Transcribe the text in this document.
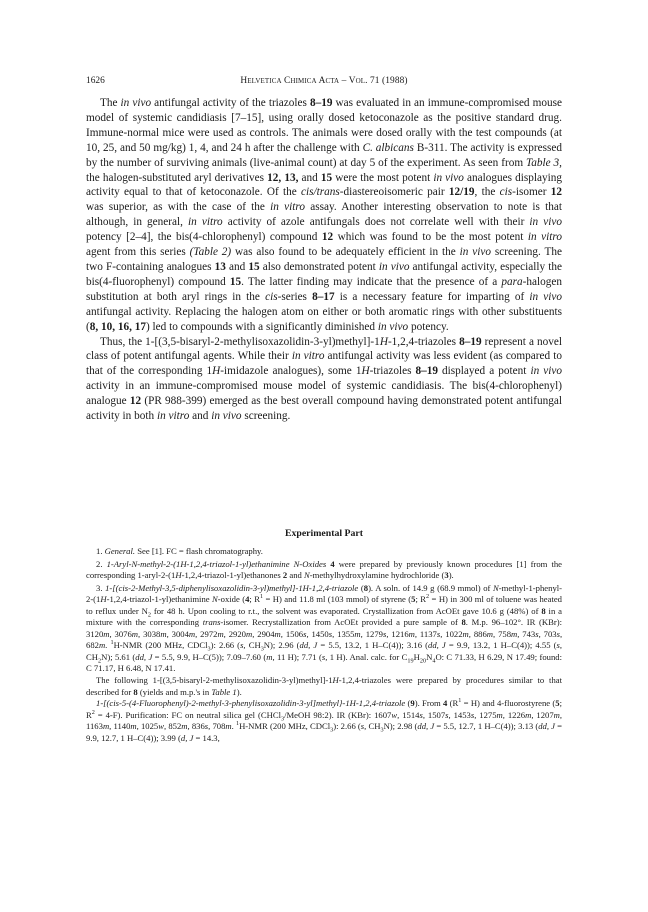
1626	Helvetica Chimica Acta – Vol. 71 (1988)

The in vivo antifungal activity of the triazoles 8–19 was evaluated in an immune-compromised mouse model of systemic candidiasis [7–15], using orally dosed ketoconazole as the positive standard drug. Immune-normal mice were used as controls. The animals were dosed orally with the test compounds (at 10, 25, and 50 mg/kg) 1, 4, and 24 h after the challenge with C. albicans B-311. The activity is expressed by the number of surviving animals (live-animal count) at day 5 of the experiment. As seen from Table 3, the halogen-substituted aryl derivatives 12, 13, and 15 were the most potent in vivo analogues displaying activity equal to that of ketoconazole. Of the cis/trans-diastereoisomeric pair 12/19, the cis-isomer 12 was superior, as with the case of the in vitro assay. Another interesting observation to note is that although, in general, in vitro activity of azole antifungals does not correlate well with their in vivo potency [2–4], the bis(4-chlorophenyl) compound 12 which was found to be the most potent in vitro agent from this series (Table 2) was also found to be adequately efficient in the in vivo screening. The two F-containing analogues 13 and 15 also demonstrated potent in vivo antifungal activity, especially the bis(4-fluorophenyl) compound 15. The latter finding may indicate that the presence of a para-halogen substitution at both aryl rings in the cis-series 8–17 is a necessary feature for imparting of in vivo antifungal activity. Replacing the halogen atom on either or both aromatic rings with other substituents (8, 10, 16, 17) led to compounds with a significantly diminished in vivo potency.

Thus, the 1-[(3,5-bisaryl-2-methylisoxazolidin-3-yl)methyl]-1H-1,2,4-triazoles 8–19 represent a novel class of potent antifungal agents. While their in vitro antifungal activity was less evident (as compared to that of the corresponding 1H-imidazole analogues), some 1H-triazoles 8–19 displayed a potent in vivo activity in an immune-compromised mouse model of systemic candidiasis. The bis(4-chlorophenyl) analogue 12 (PR 988-399) emerged as the best overall compound having demonstrated potent antifungal activity in both in vitro and in vivo screening.

Experimental Part

1. General. See [1]. FC = flash chromatography.

2. 1-Aryl-N-methyl-2-(1H-1,2,4-triazol-1-yl)ethanimine N-Oxides 4 were prepared by previously known procedures [1] from the corresponding 1-aryl-2-(1H-1,2,4-triazol-1-yl)ethanones 2 and N-methylhydroxylamine hydrochloride (3).

3. 1-[(cis-2-Methyl-3,5-diphenylisoxazolidin-3-yl)methyl]-1H-1,2,4-triazole (8). A soln. of 14.9 g (68.9 mmol) of N-methyl-1-phenyl-2-(1H-1,2,4-triazol-1-yl)ethanimine N-oxide (4; $R^1 = H$) and 11.8 ml (103 mmol) of styrene (5; $R^2 = H$) in 300 ml of toluene was heated to reflux under $N_2$ for 48 h. Upon cooling to r.t., the solvent was evaporated. Crystallization from AcOEt gave 10.6 g (48%) of 8 in a mixture with the corresponding trans-isomer. Recrystallization from AcOEt provided a pure sample of 8. M.p. 96–102°. IR (KBr): 3120m, 3076m, 3038m, 3004m, 2972m, 2920m, 2904m, 1506s, 1450s, 1355m, 1279s, 1216m, 1137s, 1022m, 886m, 758m, 743s, 703s, 682m. $^1$H-NMR (200 MHz, CDCl$_3$): 2.66 (s, $CH_3N$); 2.96 (dd, J = 5.5, 13.2, 1 H–C(4)); 3.16 (dd, J = 9.9, 13.2, 1 H–C(4)); 4.55 (s, $CH_2N$); 5.61 (dd, J = 5.5, 9.9, H–C(5)); 7.09–7.60 (m, 11 H); 7.71 (s, 1 H). Anal. calc. for $C_{19}H_{20}N_4O$: C 71.33, H 6.29, N 17.49; found: C 71.17, H 6.48, N 17.41.

The following 1-[(3,5-bisaryl-2-methylisoxazolidin-3-yl)methyl]-1H-1,2,4-triazoles were prepared by procedures similar to that described for 8 (yields and m.p.'s in Table 1).

1-[(cis-5-(4-Fluorophenyl)-2-methyl-3-phenylisoxazolidin-3-yl]methyl}-1H-1,2,4-triazole (9). From 4 $(R^1 = H)$ and 4-fluorostyrene (5; $R^2 = 4-F$). Purification: FC on neutral silica gel (CHCl$_3$/MeOH 98:2). IR (KBr): 1607w, 1514s, 1507s, 1453s, 1275m, 1226m, 1207m, 1163m, 1140m, 1025w, 852m, 836s, 708m. $^1$H-NMR (200 MHz, CDCl$_3$): 2.66 (s, $CH_3N$); 2.98 (dd, J = 5.5, 12.7, 1 H–C(4)); 3.13 (dd, J = 9.9, 12.7, 1 H–C(4)); 3.99 (d, J = 14.3,
